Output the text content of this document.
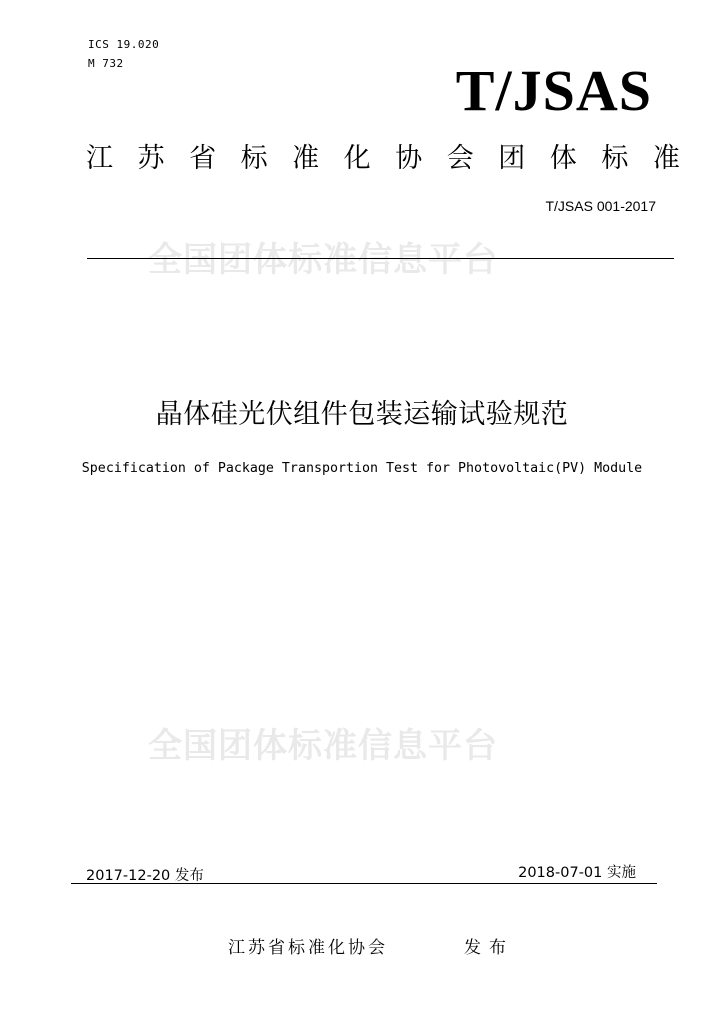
ICS 19.020
M 732	T/JSAS
江 苏 省 标 准 化 协 会 团 体 标 准
T/JSAS 001-2017
全国团体标准信息平台
晶体硅光伏组件包装运输试验规范
Specification of Package Transportion Test for Photovoltaic(PV) Module
全国团体标准信息平台
2017-12-20 发布	2018-07-01 实施
江苏省标准化协会	发布
